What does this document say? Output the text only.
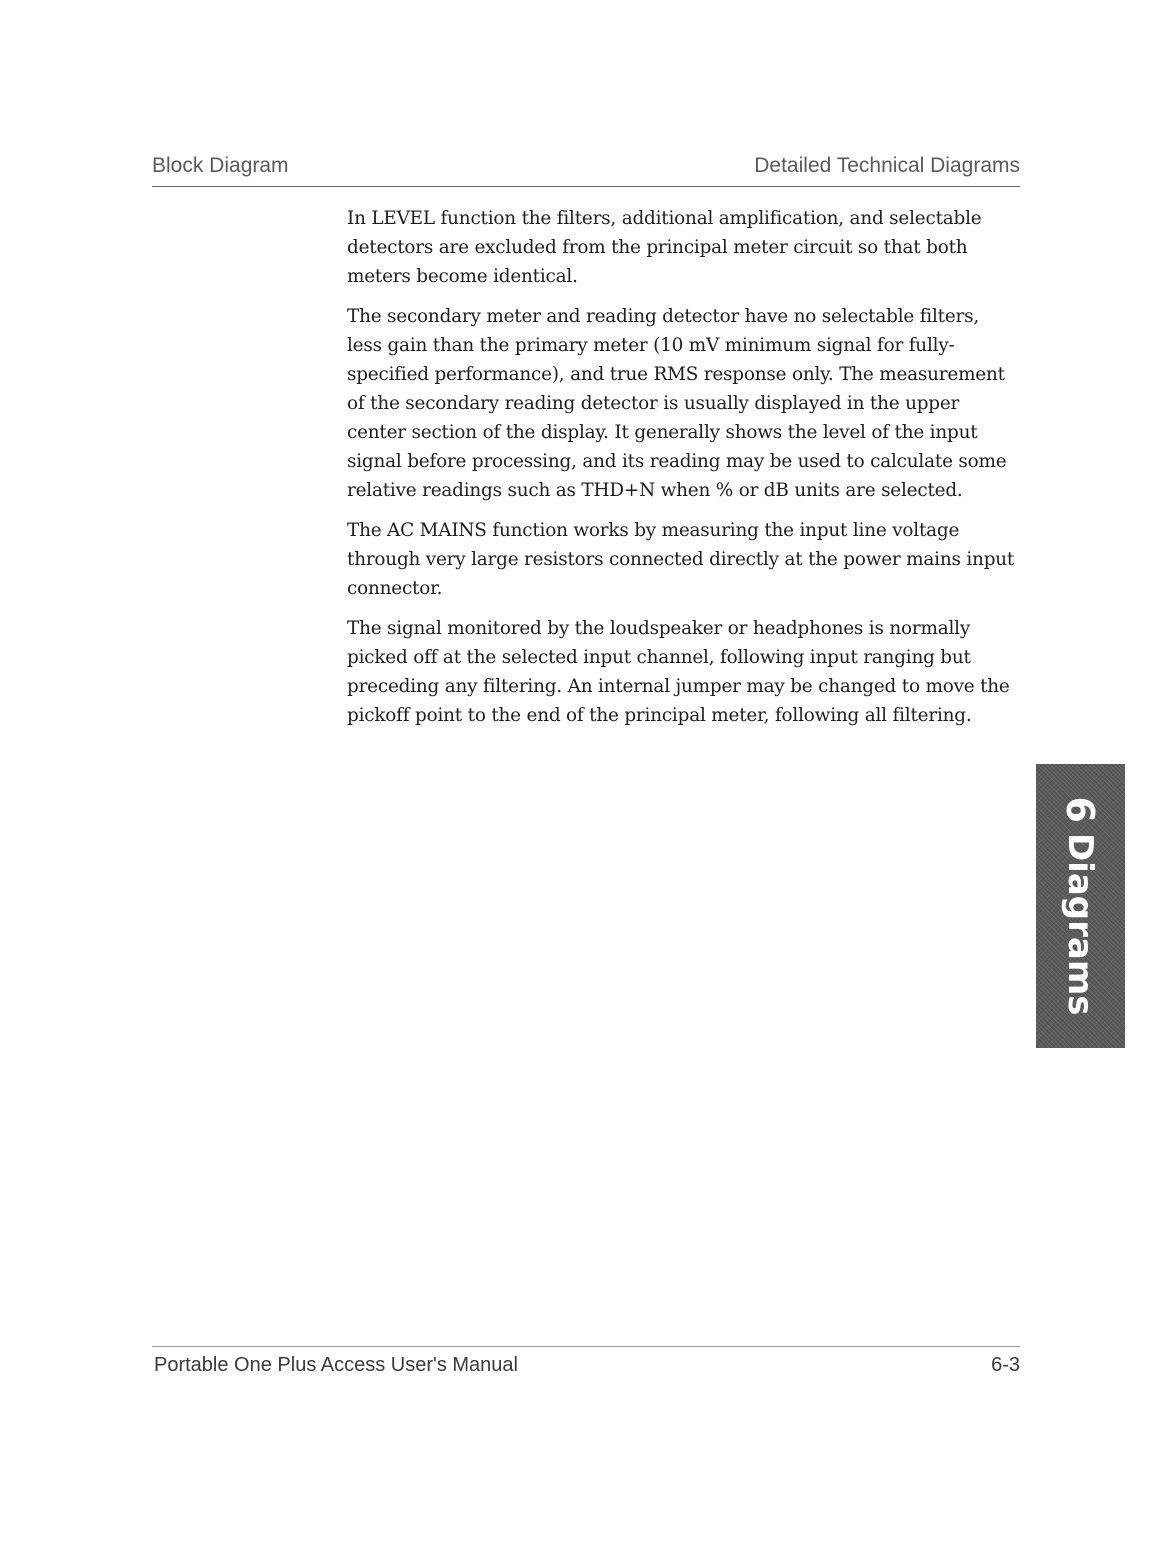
Block Diagram	Detailed Technical Diagrams

In LEVEL function the filters, additional amplification, and selectable detectors are excluded from the principal meter circuit so that both meters become identical.

The secondary meter and reading detector have no selectable filters, less gain than the primary meter (10 mV minimum signal for fully-specified performance), and true RMS response only. The measurement of the secondary reading detector is usually displayed in the upper center section of the display. It generally shows the level of the input signal before processing, and its reading may be used to calculate some relative readings such as THD+N when % or dB units are selected.

The AC MAINS function works by measuring the input line voltage through very large resistors connected directly at the power mains input connector.

The signal monitored by the loudspeaker or headphones is normally picked off at the selected input channel, following input ranging but preceding any filtering. An internal jumper may be changed to move the pickoff point to the end of the principal meter, following all filtering.

6
Diagrams
Portable One Plus Access User's Manual	6-3
